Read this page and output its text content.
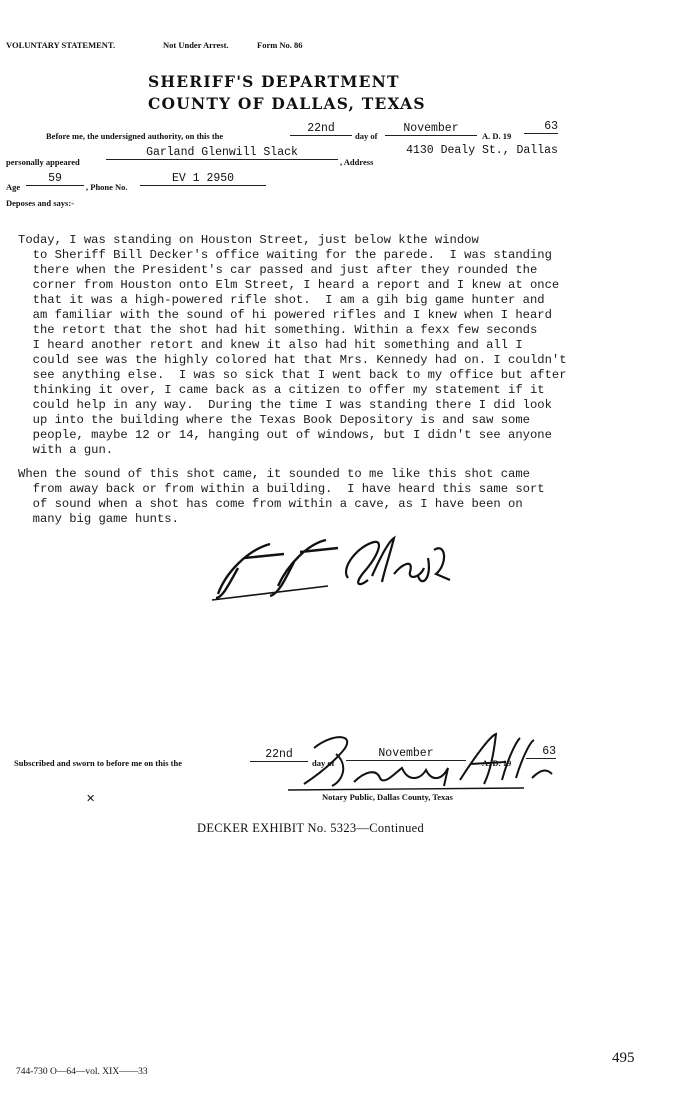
VOLUNTARY STATEMENT.	Not Under Arrest.	Form No. 86
SHERIFF'S DEPARTMENT
COUNTY OF DALLAS, TEXAS
Before me, the undersigned authority, on this the
22nd
day of
November
A. D. 19
63
personally appeared
Garland Glenwill Slack
, Address
4130 Dealy St., Dallas
Age
59
, Phone No.
EV 1 2950
Deposes and says:-
Today, I was standing on Houston Street, just below kthe window
to Sheriff Bill Decker's office waiting for the parede.  I was standing
there when the President's car passed and just after they rounded the
corner from Houston onto Elm Street, I heard a report and I knew at once
that it was a high-powered rifle shot.  I am a gih big game hunter and
am familiar with the sound of hi powered rifles and I knew when I heard
the retort that the shot had hit something. Within a fexx few seconds
I heard another retort and knew it also had hit something and all I
could see was the highly colored hat that Mrs. Kennedy had on. I couldn't
see anything else.  I was so sick that I went back to my office but after
thinking it over, I came back as a citizen to offer my statement if it
could help in any way.  During the time I was standing there I did look
up into the building where the Texas Book Depository is and saw some
people, maybe 12 or 14, hanging out of windows, but I didn't see anyone
with a gun.
When the sound of this shot came, it sounded to me like this shot came
from away back or from within a building.  I have heard this same sort
of sound when a shot has come from within a cave, as I have been on
many big game hunts.
Subscribed and sworn to before me on this the
22nd
day of
November
A. D. 19
63
Notary Public, Dallas County, Texas
✕
DECKER EXHIBIT No. 5323—Continued
495
744-730 O—64—vol. XIX——33
